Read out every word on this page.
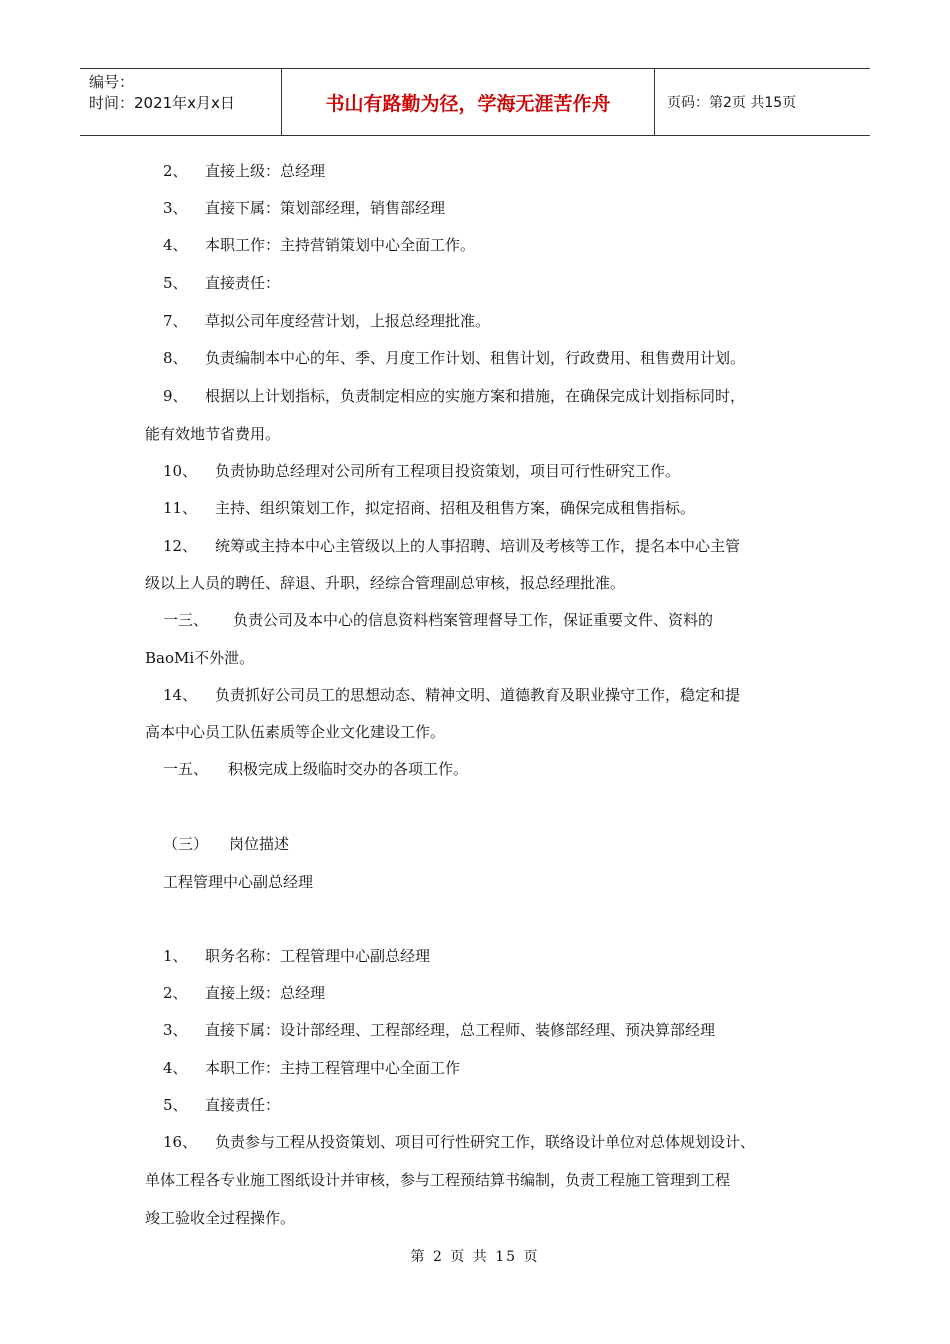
编号：
时间：2021年x月x日	书山有路勤为径，学海无涯苦作舟	页码：第2页 共15页
2、 直接上级：总经理
3、 直接下属：策划部经理，销售部经理
4、 本职工作：主持营销策划中心全面工作。
5、 直接责任：
7、 草拟公司年度经营计划，上报总经理批准。
8、 负责编制本中心的年、季、月度工作计划、租售计划，行政费用、租售费用计划。
9、 根据以上计划指标，负责制定相应的实施方案和措施，在确保完成计划指标同时，
能有效地节省费用。
10、 负责协助总经理对公司所有工程项目投资策划，项目可行性研究工作。
11、 主持、组织策划工作，拟定招商、招租及租售方案，确保完成租售指标。
12、 统筹或主持本中心主管级以上的人事招聘、培训及考核等工作，提名本中心主管
级以上人员的聘任、辞退、升职，经综合管理副总审核，报总经理批准。
一三、 负责公司及本中心的信息资料档案管理督导工作，保证重要文件、资料的
BaoMi不外泄。
14、 负责抓好公司员工的思想动态、精神文明、道德教育及职业操守工作，稳定和提
高本中心员工队伍素质等企业文化建设工作。
一五、 积极完成上级临时交办的各项工作。
（三） 岗位描述
工程管理中心副总经理
1、 职务名称：工程管理中心副总经理
2、 直接上级：总经理
3、 直接下属：设计部经理、工程部经理，总工程师、装修部经理、预决算部经理
4、 本职工作：主持工程管理中心全面工作
5、 直接责任：
16、 负责参与工程从投资策划、项目可行性研究工作，联络设计单位对总体规划设计、
单体工程各专业施工图纸设计并审核，参与工程预结算书编制，负责工程施工管理到工程
竣工验收全过程操作。
第 2 页 共 15 页
